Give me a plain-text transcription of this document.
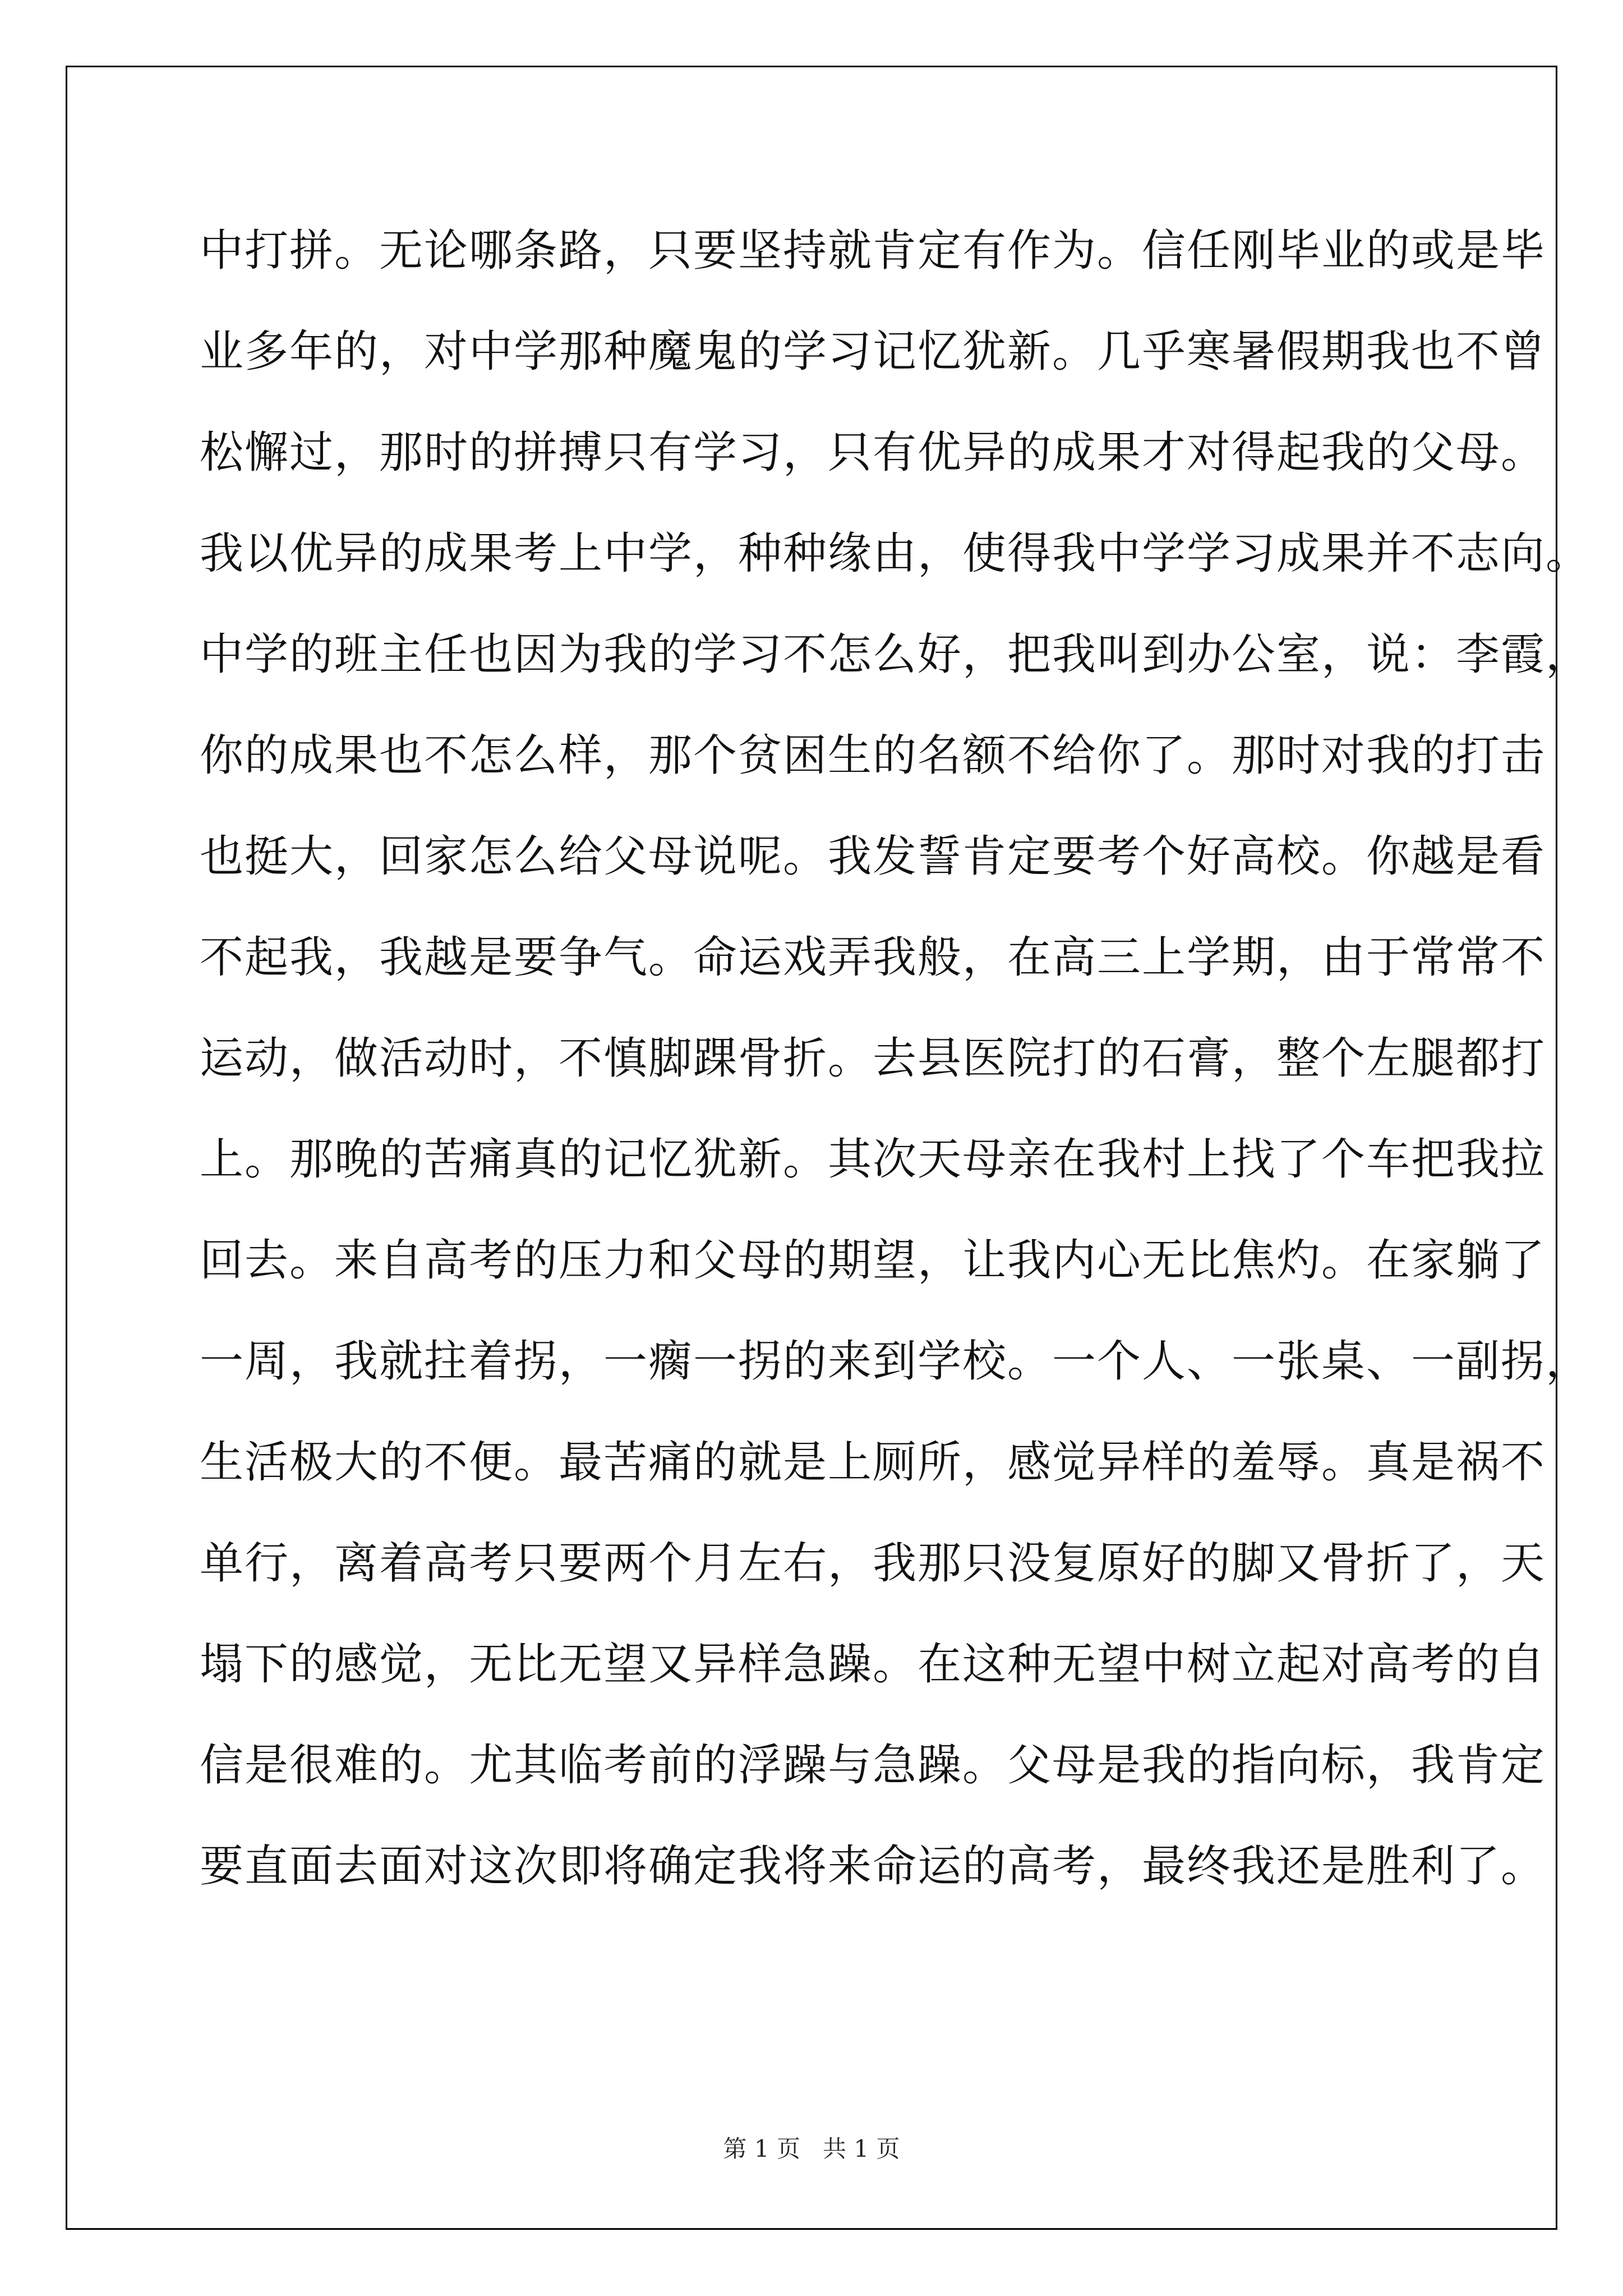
中打拼。无论哪条路，只要坚持就肯定有作为。信任刚毕业的或是毕
业多年的，对中学那种魔鬼的学习记忆犹新。几乎寒暑假期我也不曾
松懈过，那时的拼搏只有学习，只有优异的成果才对得起我的父母。
我以优异的成果考上中学，种种缘由，使得我中学学习成果并不志向。
中学的班主任也因为我的学习不怎么好，把我叫到办公室，说：李霞，
你的成果也不怎么样，那个贫困生的名额不给你了。那时对我的打击
也挺大，回家怎么给父母说呢。我发誓肯定要考个好高校。你越是看
不起我，我越是要争气。命运戏弄我般，在高三上学期，由于常常不
运动，做活动时，不慎脚踝骨折。去县医院打的石膏，整个左腿都打
上。那晚的苦痛真的记忆犹新。其次天母亲在我村上找了个车把我拉
回去。来自高考的压力和父母的期望，让我内心无比焦灼。在家躺了
一周，我就拄着拐，一瘸一拐的来到学校。一个人、一张桌、一副拐，
生活极大的不便。最苦痛的就是上厕所，感觉异样的羞辱。真是祸不
单行，离着高考只要两个月左右，我那只没复原好的脚又骨折了，天
塌下的感觉，无比无望又异样急躁。在这种无望中树立起对高考的自
信是很难的。尤其临考前的浮躁与急躁。父母是我的指向标，我肯定
要直面去面对这次即将确定我将来命运的高考，最终我还是胜利了。
第 1 页 共 1 页
